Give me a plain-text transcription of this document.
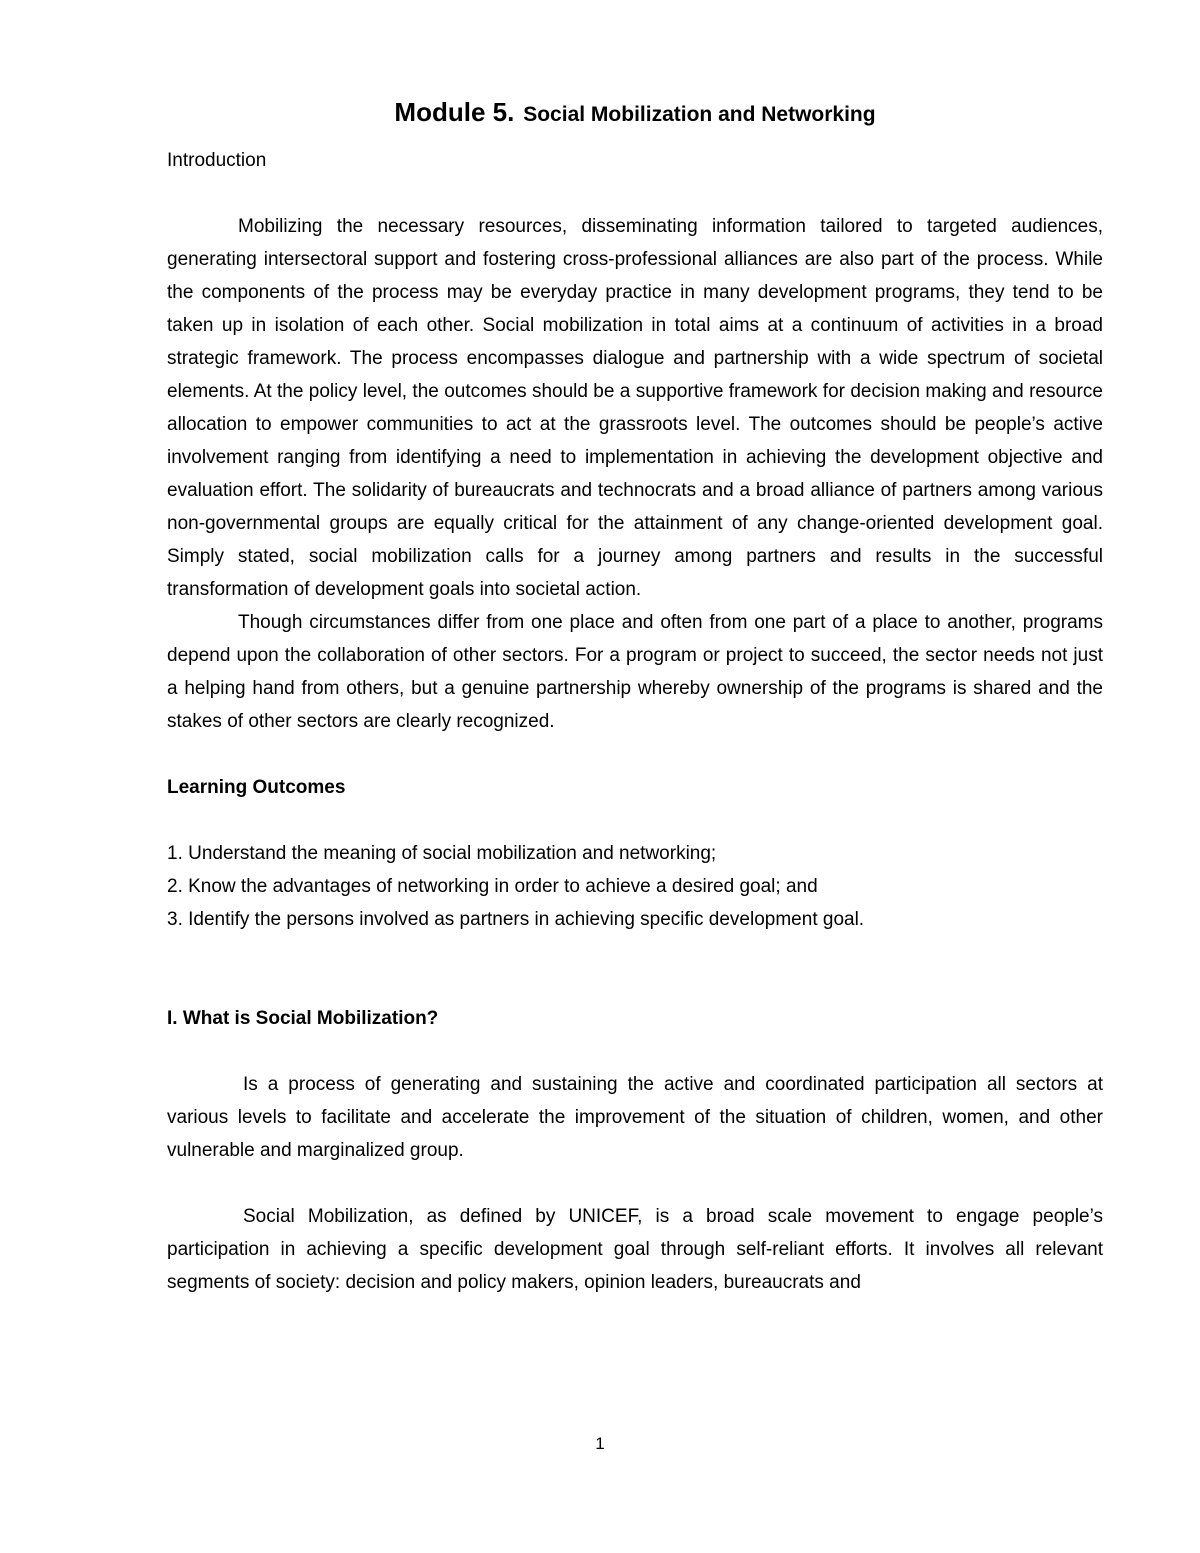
Module 5. Social Mobilization and Networking

Introduction

Mobilizing the necessary resources, disseminating information tailored to targeted audiences, generating intersectoral support and fostering cross-professional alliances are also part of the process. While the components of the process may be everyday practice in many development programs, they tend to be taken up in isolation of each other. Social mobilization in total aims at a continuum of activities in a broad strategic framework. The process encompasses dialogue and partnership with a wide spectrum of societal elements. At the policy level, the outcomes should be a supportive framework for decision making and resource allocation to empower communities to act at the grassroots level. The outcomes should be people’s active involvement ranging from identifying a need to implementation in achieving the development objective and evaluation effort. The solidarity of bureaucrats and technocrats and a broad alliance of partners among various non-governmental groups are equally critical for the attainment of any change-oriented development goal. Simply stated, social mobilization calls for a journey among partners and results in the successful transformation of development goals into societal action.

Though circumstances differ from one place and often from one part of a place to another, programs depend upon the collaboration of other sectors. For a program or project to succeed, the sector needs not just a helping hand from others, but a genuine partnership whereby ownership of the programs is shared and the stakes of other sectors are clearly recognized.

Learning Outcomes

1. Understand the meaning of social mobilization and networking;
2. Know the advantages of networking in order to achieve a desired goal; and
3. Identify the persons involved as partners in achieving specific development goal.

I. What is Social Mobilization?

Is a process of generating and sustaining the active and coordinated participation all sectors at various levels to facilitate and accelerate the improvement of the situation of children, women, and other vulnerable and marginalized group.

Social Mobilization, as defined by UNICEF, is a broad scale movement to engage people’s participation in achieving a specific development goal through self-reliant efforts. It involves all relevant segments of society: decision and policy makers, opinion leaders, bureaucrats and

1
